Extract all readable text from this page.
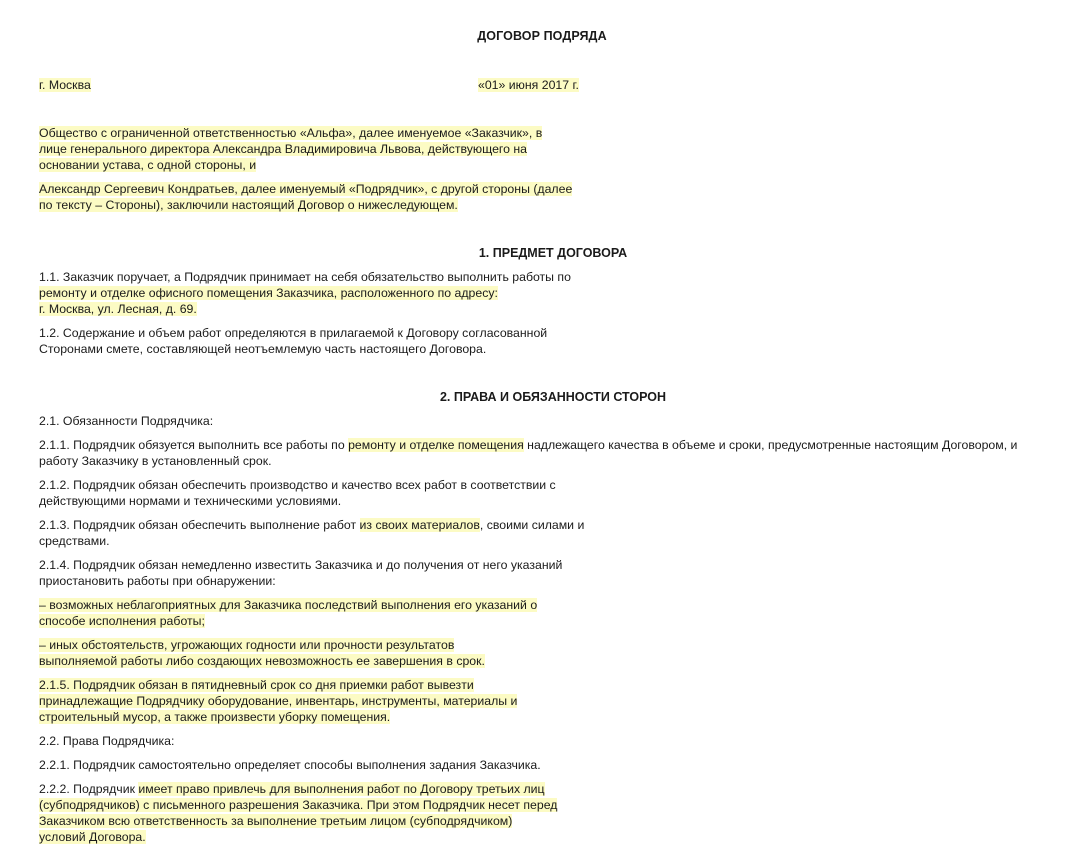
ДОГОВОР ПОДРЯДА
г. Москва	«01» июня 2017 г.
Общество с ограниченной ответственностью «Альфа», далее именуемое «Заказчик», в
лице генерального директора Александра Владимировича Львова, действующего на
основании устава, с одной стороны, и
Александр Сергеевич Кондратьев, далее именуемый «Подрядчик», с другой стороны (далее
по тексту – Стороны), заключили настоящий Договор о нижеследующем.
1. ПРЕДМЕТ ДОГОВОРА
1.1. Заказчик поручает, а Подрядчик принимает на себя обязательство выполнить работы по
ремонту и отделке офисного помещения Заказчика, расположенного по адресу:
г. Москва, ул. Лесная, д. 69.
1.2. Содержание и объем работ определяются в прилагаемой к Договору согласованной
Сторонами смете, составляющей неотъемлемую часть настоящего Договора.
2. ПРАВА И ОБЯЗАННОСТИ СТОРОН
2.1. Обязанности Подрядчика:
2.1.1. Подрядчик обязуется выполнить все работы по ремонту и отделке помещения надлежащего качества в объеме и сроки, предусмотренные настоящим Договором, и
работу Заказчику в установленный срок.
2.1.2. Подрядчик обязан обеспечить производство и качество всех работ в соответствии с
действующими нормами и техническими условиями.
2.1.3. Подрядчик обязан обеспечить выполнение работ из своих материалов, своими силами и
средствами.
2.1.4. Подрядчик обязан немедленно известить Заказчика и до получения от него указаний
приостановить работы при обнаружении:
– возможных неблагоприятных для Заказчика последствий выполнения его указаний о
способе исполнения работы;
– иных обстоятельств, угрожающих годности или прочности результатов
выполняемой работы либо создающих невозможность ее завершения в срок.
2.1.5. Подрядчик обязан в пятидневный срок со дня приемки работ вывезти
принадлежащие Подрядчику оборудование, инвентарь, инструменты, материалы и
строительный мусор, а также произвести уборку помещения.
2.2. Права Подрядчика:
2.2.1. Подрядчик самостоятельно определяет способы выполнения задания Заказчика.
2.2.2. Подрядчик имеет право привлечь для выполнения работ по Договору третьих лиц
(субподрядчиков) с письменного разрешения Заказчика. При этом Подрядчик несет перед
Заказчиком всю ответственность за выполнение третьим лицом (субподрядчиком)
условий Договора.
